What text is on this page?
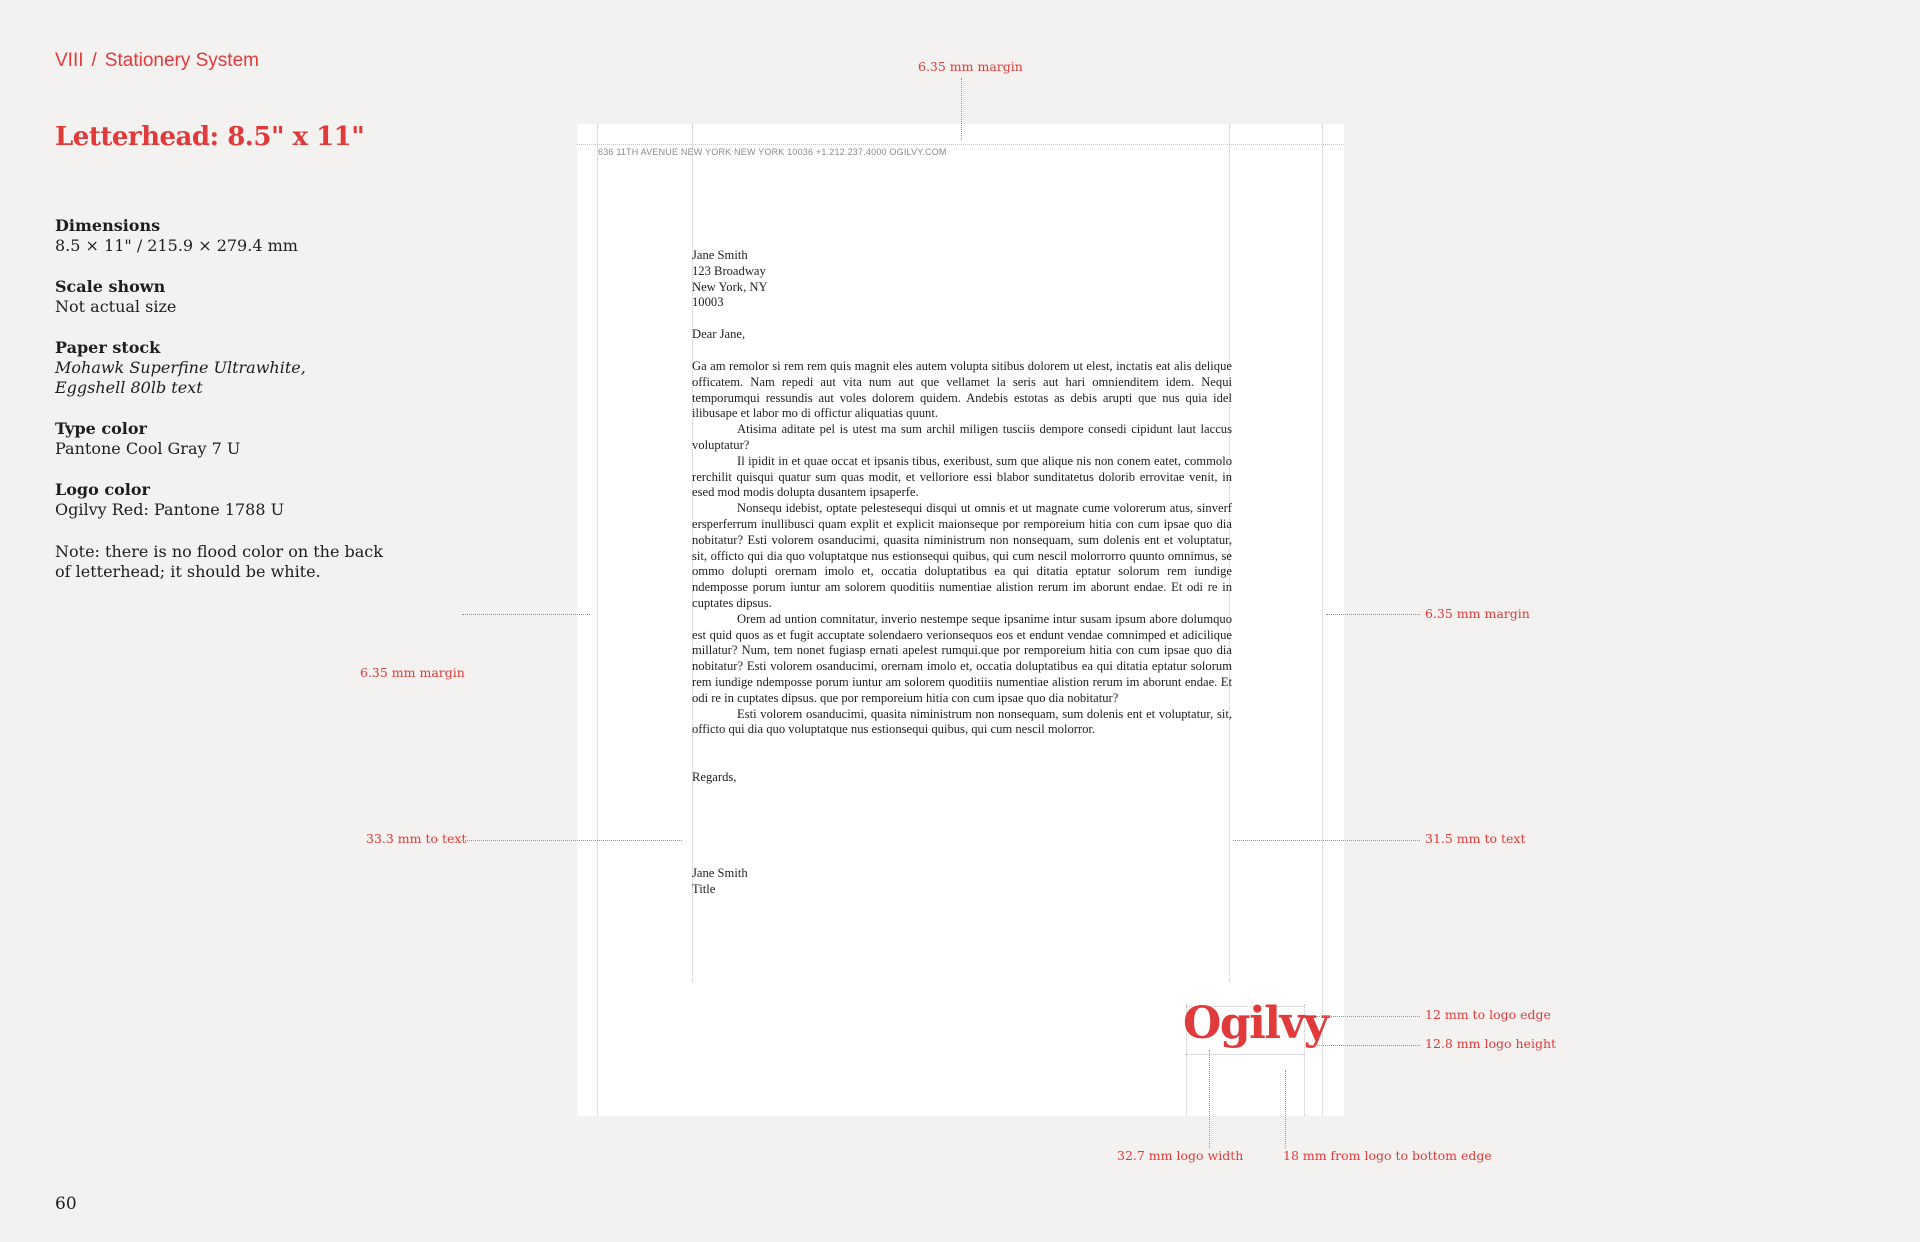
VIII / Stationery System
Letterhead: 8.5" x 11"
Dimensions
8.5 × 11" / 215.9 × 279.4 mm
Scale shown
Not actual size
Paper stock
Mohawk Superfine Ultrawhite,
Eggshell 80lb text
Type color
Pantone Cool Gray 7 U
Logo color
Ogilvy Red: Pantone 1788 U
Note: there is no flood color on the back
of letterhead; it should be white.
60
636 11TH AVENUE NEW YORK NEW YORK 10036 +1.212.237.4000 OGILVY.COM

Jane Smith

123 Broadway

New York, NY

10003

Dear Jane,

Ga am remolor si rem rem quis magnit eles autem volupta sitibus dolorem ut elest, inctatis eat alis delique officatem. Nam repedi aut vita num aut que vellamet la seris aut hari omnienditem idem. Nequi temporumqui ressundis aut voles dolorem quidem. Andebis estotas as debis arupti que nus quia idel ilibusape et labor mo di offictur aliquatias quunt.

Atisima aditate pel is utest ma sum archil miligen tusciis dempore consedi cipidunt laut laccus voluptatur?

Il ipidit in et quae occat et ipsanis tibus, exeribust, sum que alique nis non conem eatet, commolo rerchilit quisqui quatur sum quas modit, et velloriore essi blabor sunditatetus dolorib errovitae venit, in esed mod modis dolupta dusantem ipsaperfe.

Nonsequ idebist, optate pelestesequi disqui ut omnis et ut magnate cume volorerum atus, sinverf ersperferrum inullibusci quam explit et explicit maionseque por remporeium hitia con cum ipsae quo dia nobitatur? Esti volorem osanducimi, quasita niministrum non nonsequam, sum dolenis ent et voluptatur, sit, officto qui dia quo voluptatque nus estionsequi quibus, qui cum nescil molorrorro quunto omnimus, se ommo dolupti orernam imolo et, occatia doluptatibus ea qui ditatia eptatur solorum rem iundige ndempossе porum iuntur am solorem quoditiis numentiae alistion rerum im aborunt endae. Et odi re in cuptates dipsus.

Orem ad untion comnitatur, inverio nestempe seque ipsanime intur susam ipsum abore dolumquo est quid quos as et fugit accuptate solendaero verionsequos eos et endunt vendae comnimped et adicilique millatur? Num, tem nonet fugiasp ernati apelest rumqui.que por remporeium hitia con cum ipsae quo dia nobitatur? Esti volorem osanducimi, orernam imolo et, occatia doluptatibus ea qui ditatia eptatur solorum rem iundige ndempossе porum iuntur am solorem quoditiis numentiae alistion rerum im aborunt endae. Et odi re in cuptates dipsus. que por remporeium hitia con cum ipsae quo dia nobitatur?

Esti volorem osanducimi, quasita niministrum non nonsequam, sum dolenis ent et voluptatur, sit, officto qui dia quo voluptatque nus estionsequi quibus, qui cum nescil molorror.

Regards,

Jane Smith

Title

Ogilvy
6.35 mm margin
6.35 mm margin
6.35 mm margin
33.3 mm to text	31.5 mm to text
12 mm to logo edge
12.8 mm logo height
32.7 mm logo width	18 mm from logo to bottom edge
